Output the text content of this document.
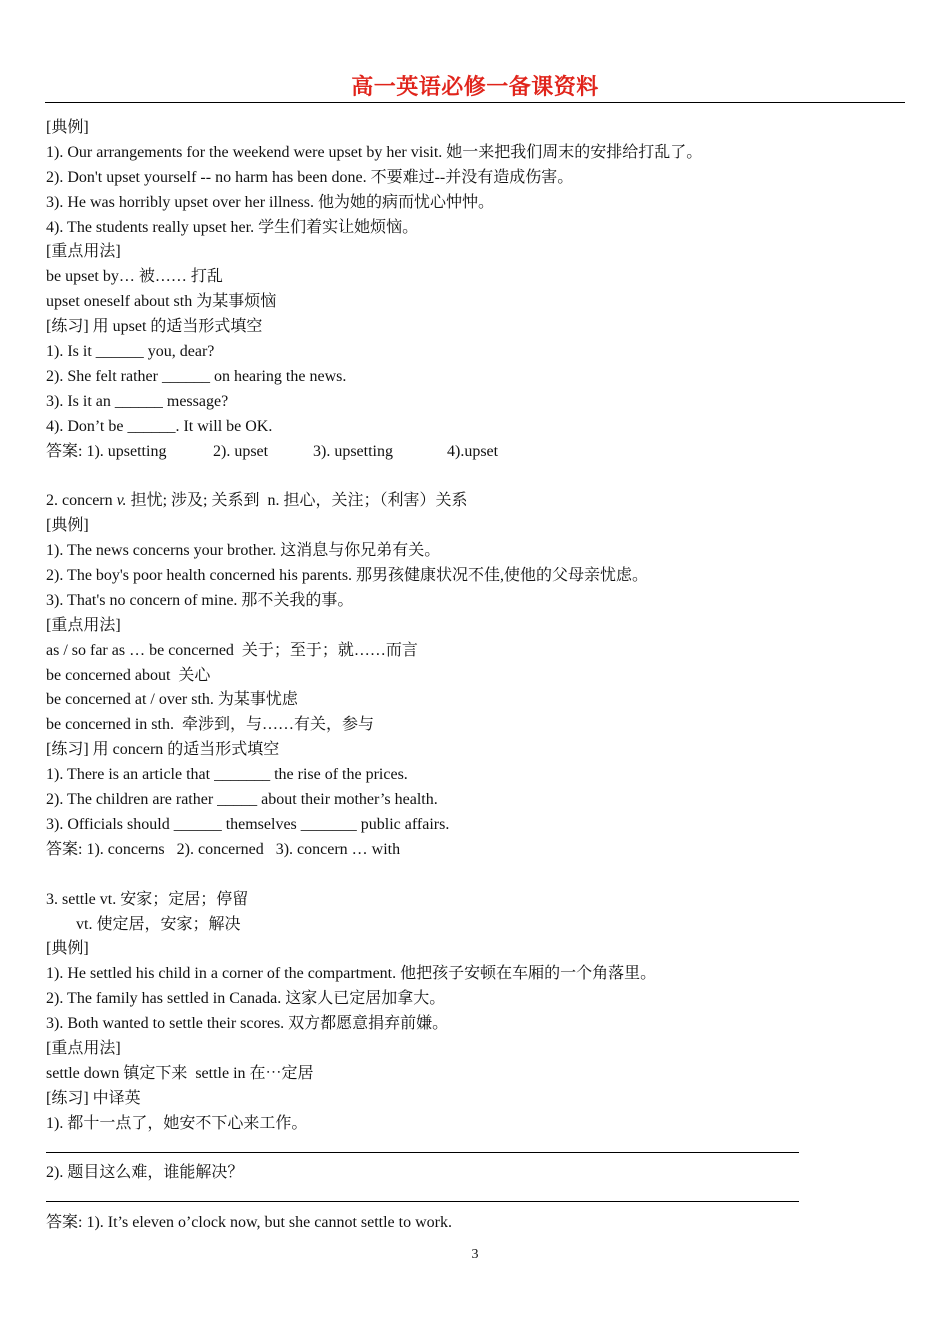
高一英语必修一备课资料
[典例]
1). Our arrangements for the weekend were upset by her visit. 她一来把我们周末的安排给打乱了。
2). Don't upset yourself -- no harm has been done. 不要难过--并没有造成伤害。
3). He was horribly upset over her illness. 他为她的病而忧心忡忡。
4). The students really upset her. 学生们着实让她烦恼。
[重点用法]
be upset by… 被…… 打乱
upset oneself about sth 为某事烦恼
[练习] 用 upset 的适当形式填空
1). Is it ______ you, dear?
2). She felt rather ______ on hearing the news.
3). Is it an ______ message?
4). Don’t be ______. It will be OK.
答案: 1). upsetting	2). upset	3). upsetting	4).upset
2. concern v. 担忧; 涉及; 关系到  n. 担心，关注；（利害）关系
[典例]
1). The news concerns your brother. 这消息与你兄弟有关。
2). The boy's poor health concerned his parents. 那男孩健康状况不佳,使他的父母亲忧虑。
3). That's no concern of mine. 那不关我的事。
[重点用法]
as / so far as … be concerned  关于；至于；就……而言
be concerned about  关心
be concerned at / over sth. 为某事忧虑
be concerned in sth.  牵涉到，与……有关，参与
[练习] 用 concern 的适当形式填空
1). There is an article that _______ the rise of the prices.
2). The children are rather _____ about their mother’s health.
3). Officials should ______ themselves _______ public affairs.
答案: 1). concerns   2). concerned   3). concern … with
3. settle vt. 安家；定居；停留
vt. 使定居，安家；解决
[典例]
1). He settled his child in a corner of the compartment. 他把孩子安顿在车厢的一个角落里。
2). The family has settled in Canada. 这家人已定居加拿大。
3). Both wanted to settle their scores. 双方都愿意捐弃前嫌。
[重点用法]
settle down 镇定下来  settle in 在⋯定居
[练习] 中译英
1). 都十一点了，她安不下心来工作。
2). 题目这么难，谁能解决？
答案: 1). It’s eleven o’clock now, but she cannot settle to work.
3
